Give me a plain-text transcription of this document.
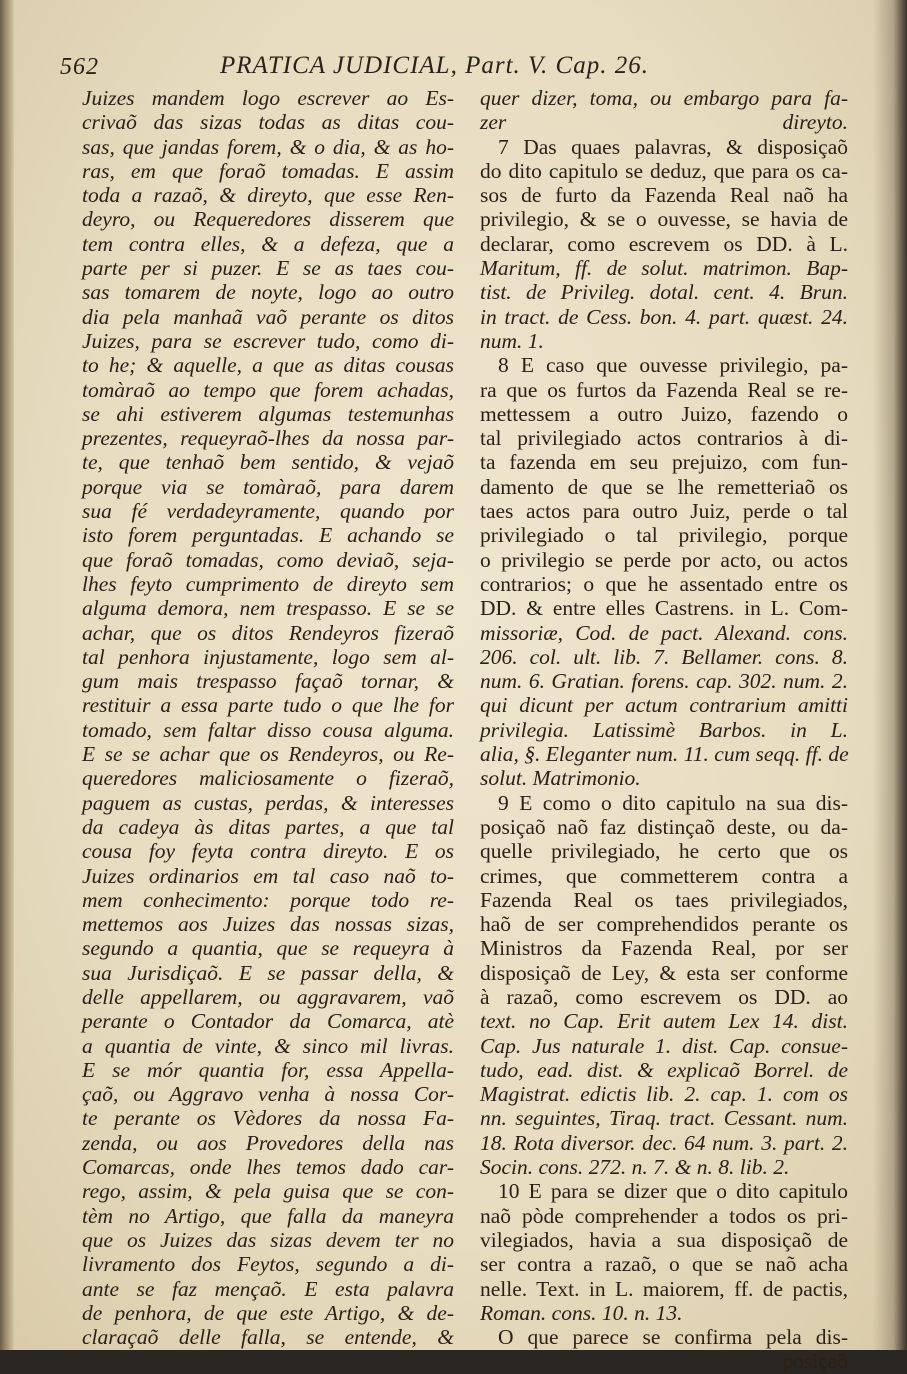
562	PRATICA JUDICIAL, Part. V. Cap. 26.
Juizes mandem logo escrever ao Es-
crivaõ das sizas todas as ditas cou-
sas, que jandas forem, & o dia, & as ho-
ras, em que foraõ tomadas. E assim
toda a razaõ, & direyto, que esse Ren-
deyro, ou Requeredores disserem que
tem contra elles, & a defeza, que a
parte per si puzer. E se as taes cou-
sas tomarem de noyte, logo ao outro
dia pela manhaã vaõ perante os ditos
Juizes, para se escrever tudo, como di-
to he; & aquelle, a que as ditas cousas
tomàraõ ao tempo que forem achadas,
se ahi estiverem algumas testemunhas
prezentes, requeyraõ-lhes da nossa par-
te, que tenhaõ bem sentido, & vejaõ
porque via se tomàraõ, para darem
sua fé verdadeyramente, quando por
isto forem perguntadas. E achando se
que foraõ tomadas, como deviaõ, seja-
lhes feyto cumprimento de direyto sem
alguma demora, nem trespasso. E se se
achar, que os ditos Rendeyros fizeraõ
tal penhora injustamente, logo sem al-
gum mais trespasso façaõ tornar, &
restituir a essa parte tudo o que lhe for
tomado, sem faltar disso cousa alguma.
E se se achar que os Rendeyros, ou Re-
queredores maliciosamente o fizeraõ,
paguem as custas, perdas, & interesses
da cadeya às ditas partes, a que tal
cousa foy feyta contra direyto. E os
Juizes ordinarios em tal caso naõ to-
mem conhecimento: porque todo re-
mettemos aos Juizes das nossas sizas,
segundo a quantia, que se requeyra à
sua Jurisdiçaõ. E se passar della, &
delle appellarem, ou aggravarem, vaõ
perante o Contador da Comarca, atè
a quantia de vinte, & sinco mil livras.
E se mór quantia for, essa Appella-
çaõ, ou Aggravo venha à nossa Cor-
te perante os Vèdores da nossa Fa-
zenda, ou aos Provedores della nas
Comarcas, onde lhes temos dado car-
rego, assim, & pela guisa que se con-
tèm no Artigo, que falla da maneyra
que os Juizes das sizas devem ter no
livramento dos Feytos, segundo a di-
ante se faz mençaõ. E esta palavra
de penhora, de que este Artigo, & de-
claraçaõ delle falla, se entende, &
quer dizer, toma, ou embargo para fa-
zer direyto.
7 Das quaes palavras, & disposiçaõ
do dito capitulo se deduz, que para os ca-
sos de furto da Fazenda Real naõ ha
privilegio, & se o ouvesse, se havia de
declarar, como escrevem os DD. à L.
Maritum, ff. de solut. matrimon. Bap-
tist. de Privileg. dotal. cent. 4. Brun.
in tract. de Cess. bon. 4. part. quæst. 24.
num. 1.
8 E caso que ouvesse privilegio, pa-
ra que os furtos da Fazenda Real se re-
mettessem a outro Juizo, fazendo o
tal privilegiado actos contrarios à di-
ta fazenda em seu prejuizo, com fun-
damento de que se lhe remetteriaõ os
taes actos para outro Juiz, perde o tal
privilegiado o tal privilegio, porque
o privilegio se perde por acto, ou actos
contrarios; o que he assentado entre os
DD. & entre elles Castrens. in L. Com-
missoriæ, Cod. de pact. Alexand. cons.
206. col. ult. lib. 7. Bellamer. cons. 8.
num. 6. Gratian. forens. cap. 302. num. 2.
qui dicunt per actum contrarium amitti
privilegia. Latissimè Barbos. in L.
alia, §. Eleganter num. 11. cum seqq. ff. de
solut. Matrimonio.
9 E como o dito capitulo na sua dis-
posiçaõ naõ faz distinçaõ deste, ou da-
quelle privilegiado, he certo que os
crimes, que commetterem contra a
Fazenda Real os taes privilegiados,
haõ de ser comprehendidos perante os
Ministros da Fazenda Real, por ser
disposiçaõ de Ley, & esta ser conforme
à razaõ, como escrevem os DD. ao
text. no Cap. Erit autem Lex 14. dist.
Cap. Jus naturale 1. dist. Cap. consue-
tudo, ead. dist. & explicaõ Borrel. de
Magistrat. edictis lib. 2. cap. 1. com os
nn. seguintes, Tiraq. tract. Cessant. num.
18. Rota diversor. dec. 64 num. 3. part. 2.
Socin. cons. 272. n. 7. & n. 8. lib. 2.
10 E para se dizer que o dito capitulo
naõ pòde comprehender a todos os pri-
vilegiados, havia a sua disposiçaõ de
ser contra a razaõ, o que se naõ acha
nelle. Text. in L. maiorem, ff. de pactis,
Roman. cons. 10. n. 13.
O que parece se confirma pela dis-
posiçaõ
